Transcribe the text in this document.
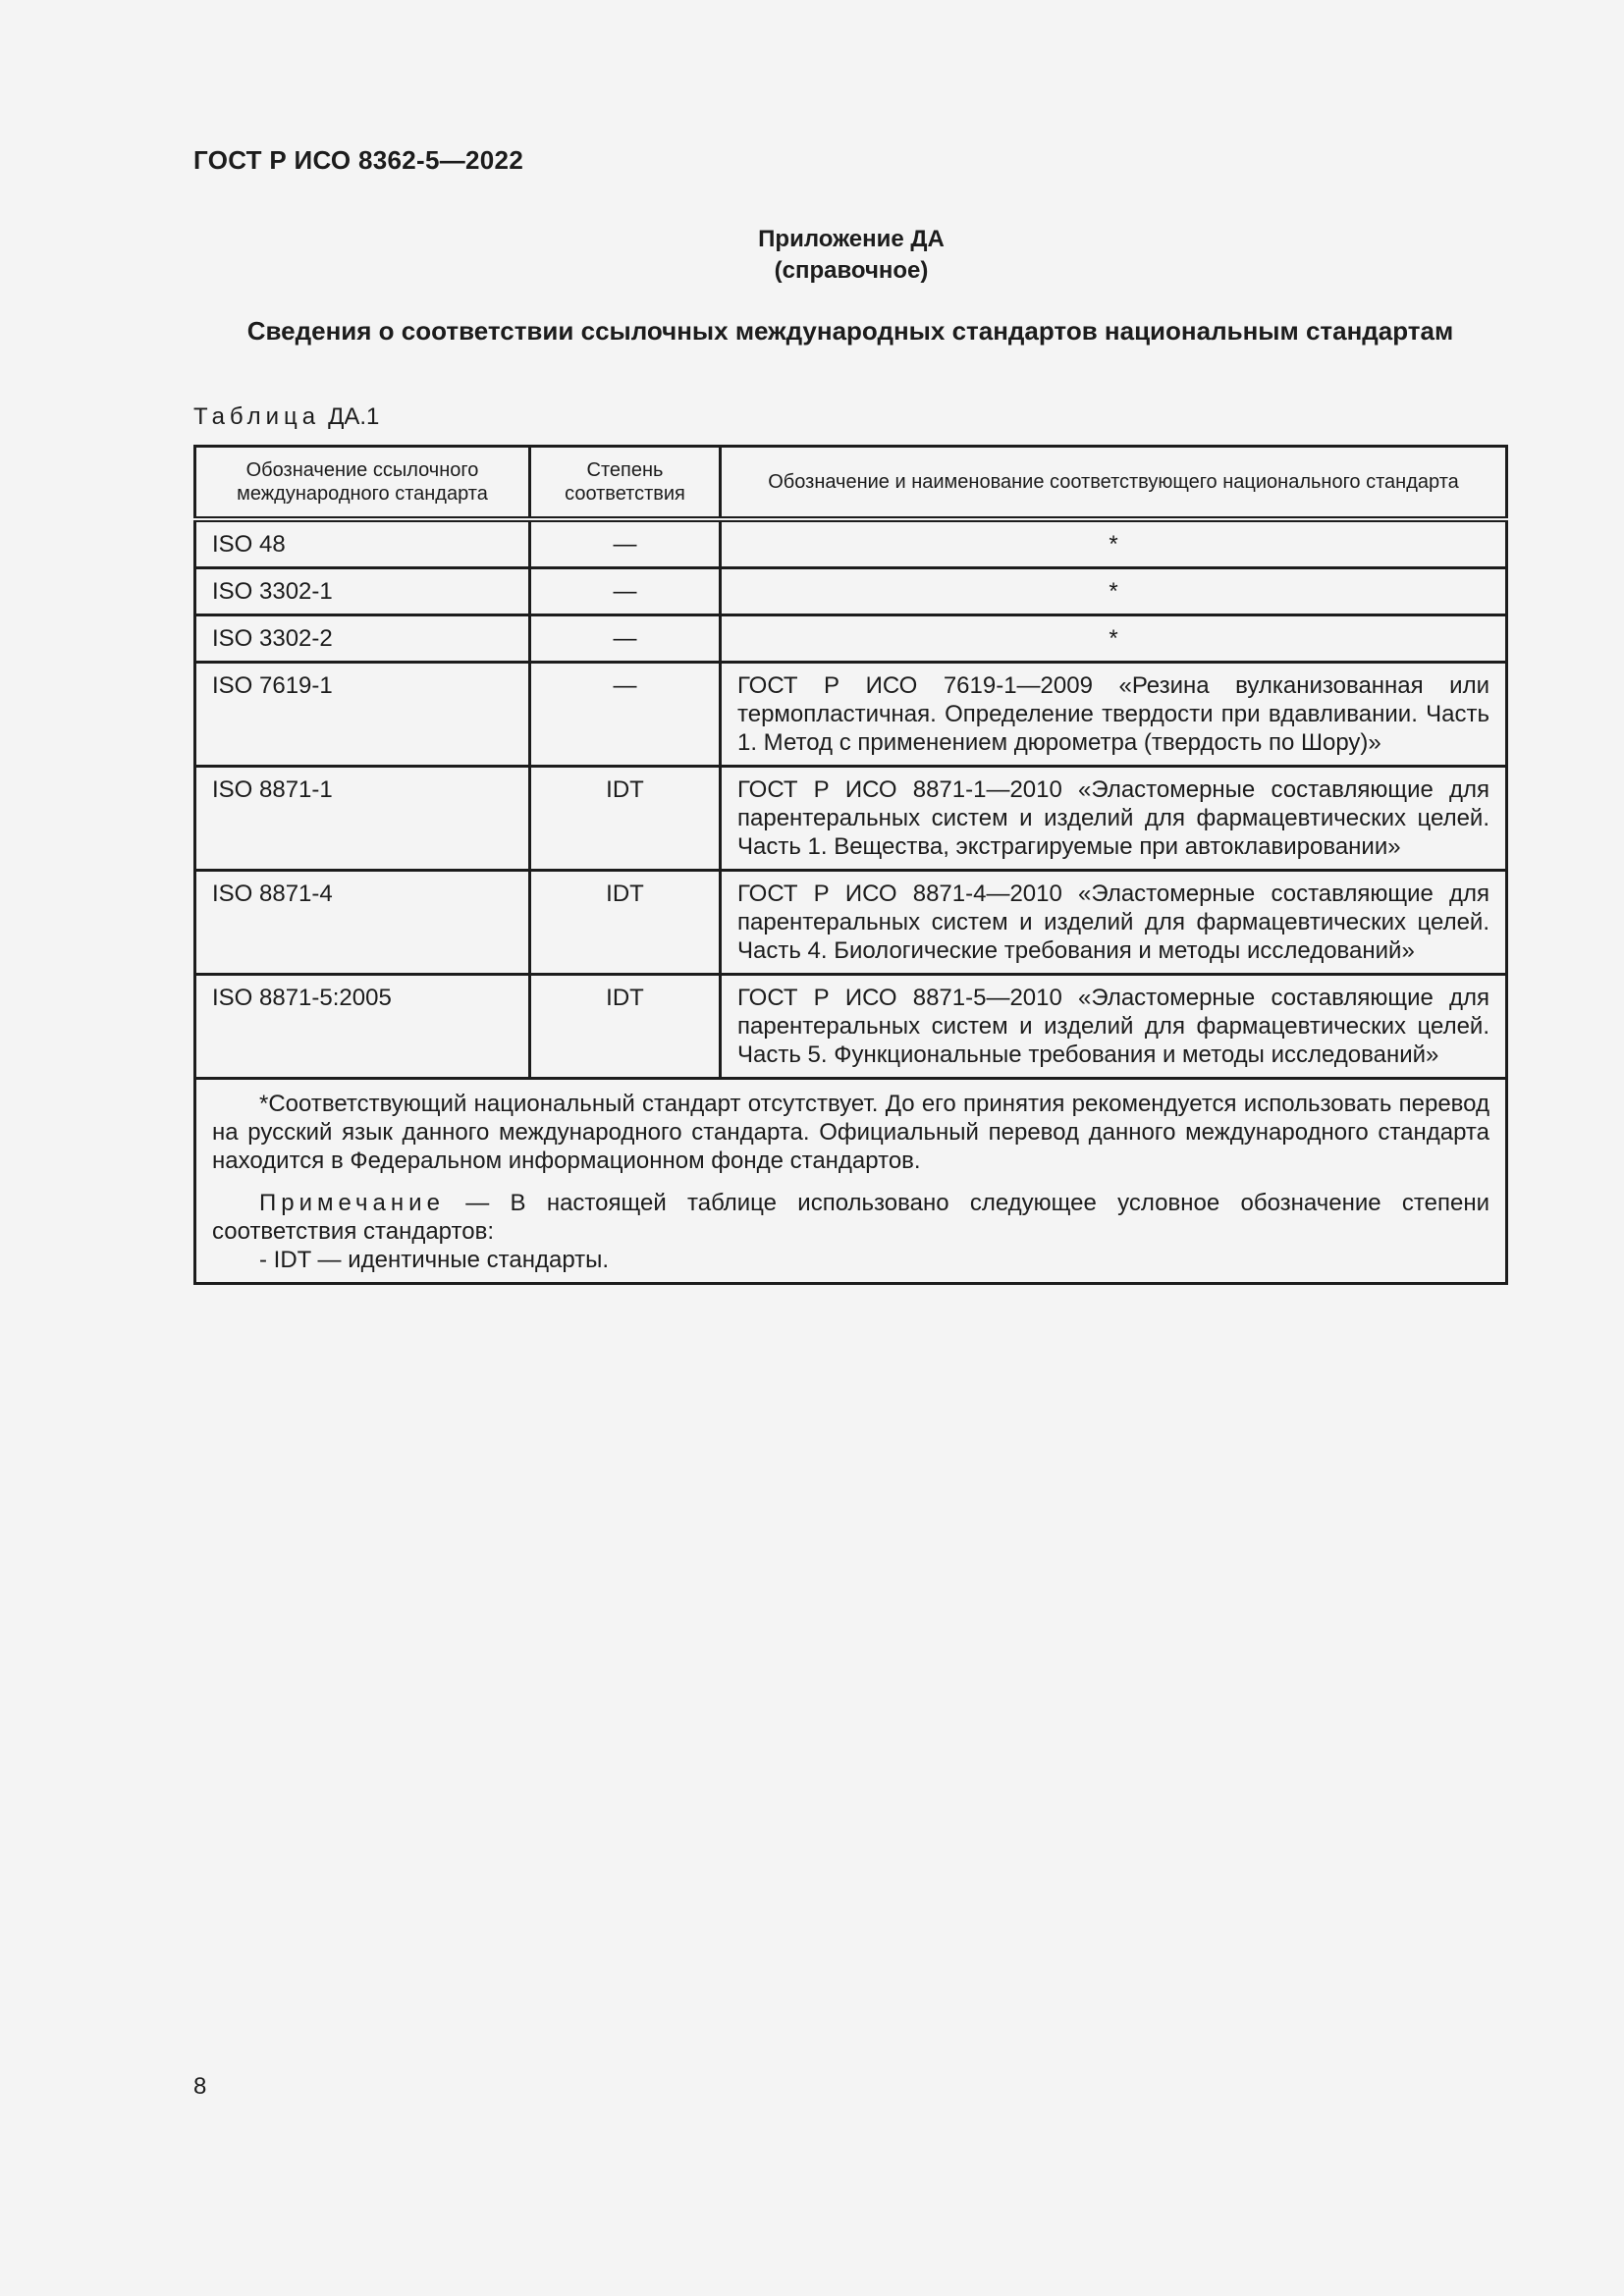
ГОСТ Р ИСО 8362-5—2022
Приложение ДА
(справочное)
Сведения о соответствии ссылочных международных стандартов национальным стандартам
Таблица ДА.1
Обозначение ссылочного международного стандарта	Степень соответствия	Обозначение и наименование соответствующего национального стандарта
ISO 48	—	*
ISO 3302-1	—	*
ISO 3302-2	—	*
ISO 7619-1	—	ГОСТ Р ИСО 7619-1—2009 «Резина вулканизованная или термопластичная. Определение твердости при вдавливании. Часть 1. Метод с применением дюрометра (твердость по Шору)»
ISO 8871-1	IDT	ГОСТ Р ИСО 8871-1—2010 «Эластомерные составляющие для парентеральных систем и изделий для фармацевтических целей. Часть 1. Вещества, экстрагируемые при автоклавировании»
ISO 8871-4	IDT	ГОСТ Р ИСО 8871-4—2010 «Эластомерные составляющие для парентеральных систем и изделий для фармацевтических целей. Часть 4. Биологические требования и методы исследований»
ISO 8871-5:2005	IDT	ГОСТ Р ИСО 8871-5—2010 «Эластомерные составляющие для парентеральных систем и изделий для фармацевтических целей. Часть 5. Функциональные требования и методы исследований»

*Соответствующий национальный стандарт отсутствует. До его принятия рекомендуется использовать перевод на русский язык данного международного стандарта. Официальный перевод данного международного стандарта находится в Федеральном информационном фонде стандартов.

Примечание — В настоящей таблице использовано следующее условное обозначение степени соответствия стандартов:

- IDT — идентичные стандарты.		

8
